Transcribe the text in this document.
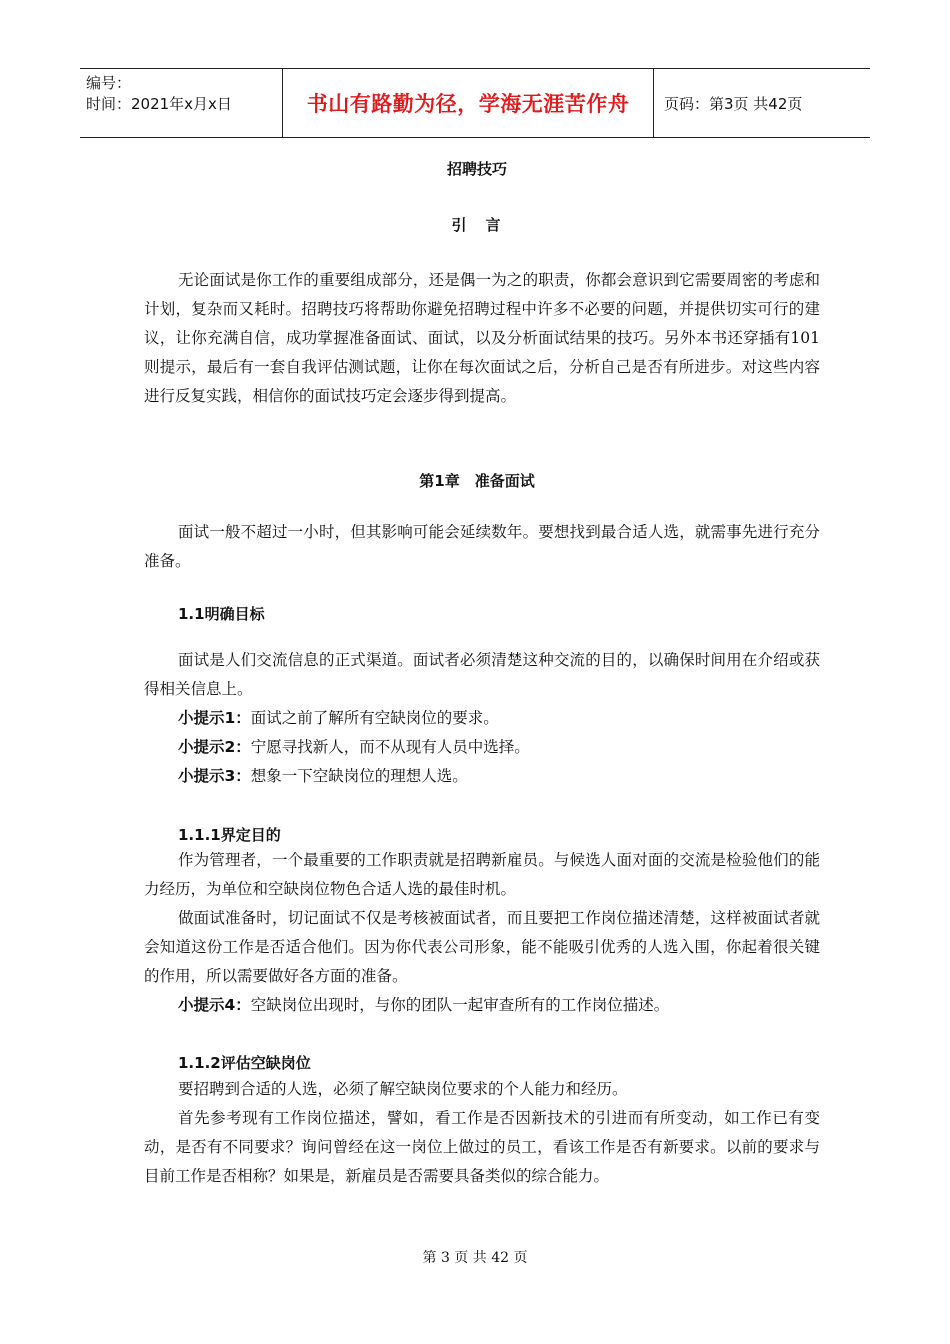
编号：
时间：2021年x月x日	书山有路勤为径，学海无涯苦作舟	页码：第3页 共42页
招聘技巧
引　言
无论面试是你工作的重要组成部分，还是偶一为之的职责，你都会意识到它需要周密的考虑和计划，复杂而又耗时。招聘技巧将帮助你避免招聘过程中许多不必要的问题，并提供切实可行的建议，让你充满自信，成功掌握准备面试、面试，以及分析面试结果的技巧。另外本书还穿插有101则提示，最后有一套自我评估测试题，让你在每次面试之后，分析自己是否有所进步。对这些内容进行反复实践，相信你的面试技巧定会逐步得到提高。
第1章　准备面试
面试一般不超过一小时，但其影响可能会延续数年。要想找到最合适人选，就需事先进行充分准备。
1.1明确目标
面试是人们交流信息的正式渠道。面试者必须清楚这种交流的目的，以确保时间用在介绍或获得相关信息上。
小提示1：面试之前了解所有空缺岗位的要求。
小提示2：宁愿寻找新人，而不从现有人员中选择。
小提示3：想象一下空缺岗位的理想人选。
1.1.1界定目的
作为管理者，一个最重要的工作职责就是招聘新雇员。与候选人面对面的交流是检验他们的能力经历，为单位和空缺岗位物色合适人选的最佳时机。
做面试准备时，切记面试不仅是考核被面试者，而且要把工作岗位描述清楚，这样被面试者就会知道这份工作是否适合他们。因为你代表公司形象，能不能吸引优秀的人选入围，你起着很关键的作用，所以需要做好各方面的准备。
小提示4：空缺岗位出现时，与你的团队一起审查所有的工作岗位描述。
1.1.2评估空缺岗位
要招聘到合适的人选，必须了解空缺岗位要求的个人能力和经历。
首先参考现有工作岗位描述，譬如，看工作是否因新技术的引进而有所变动，如工作已有变动，是否有不同要求？询问曾经在这一岗位上做过的员工，看该工作是否有新要求。以前的要求与目前工作是否相称？如果是，新雇员是否需要具备类似的综合能力。
第 3 页 共 42 页
